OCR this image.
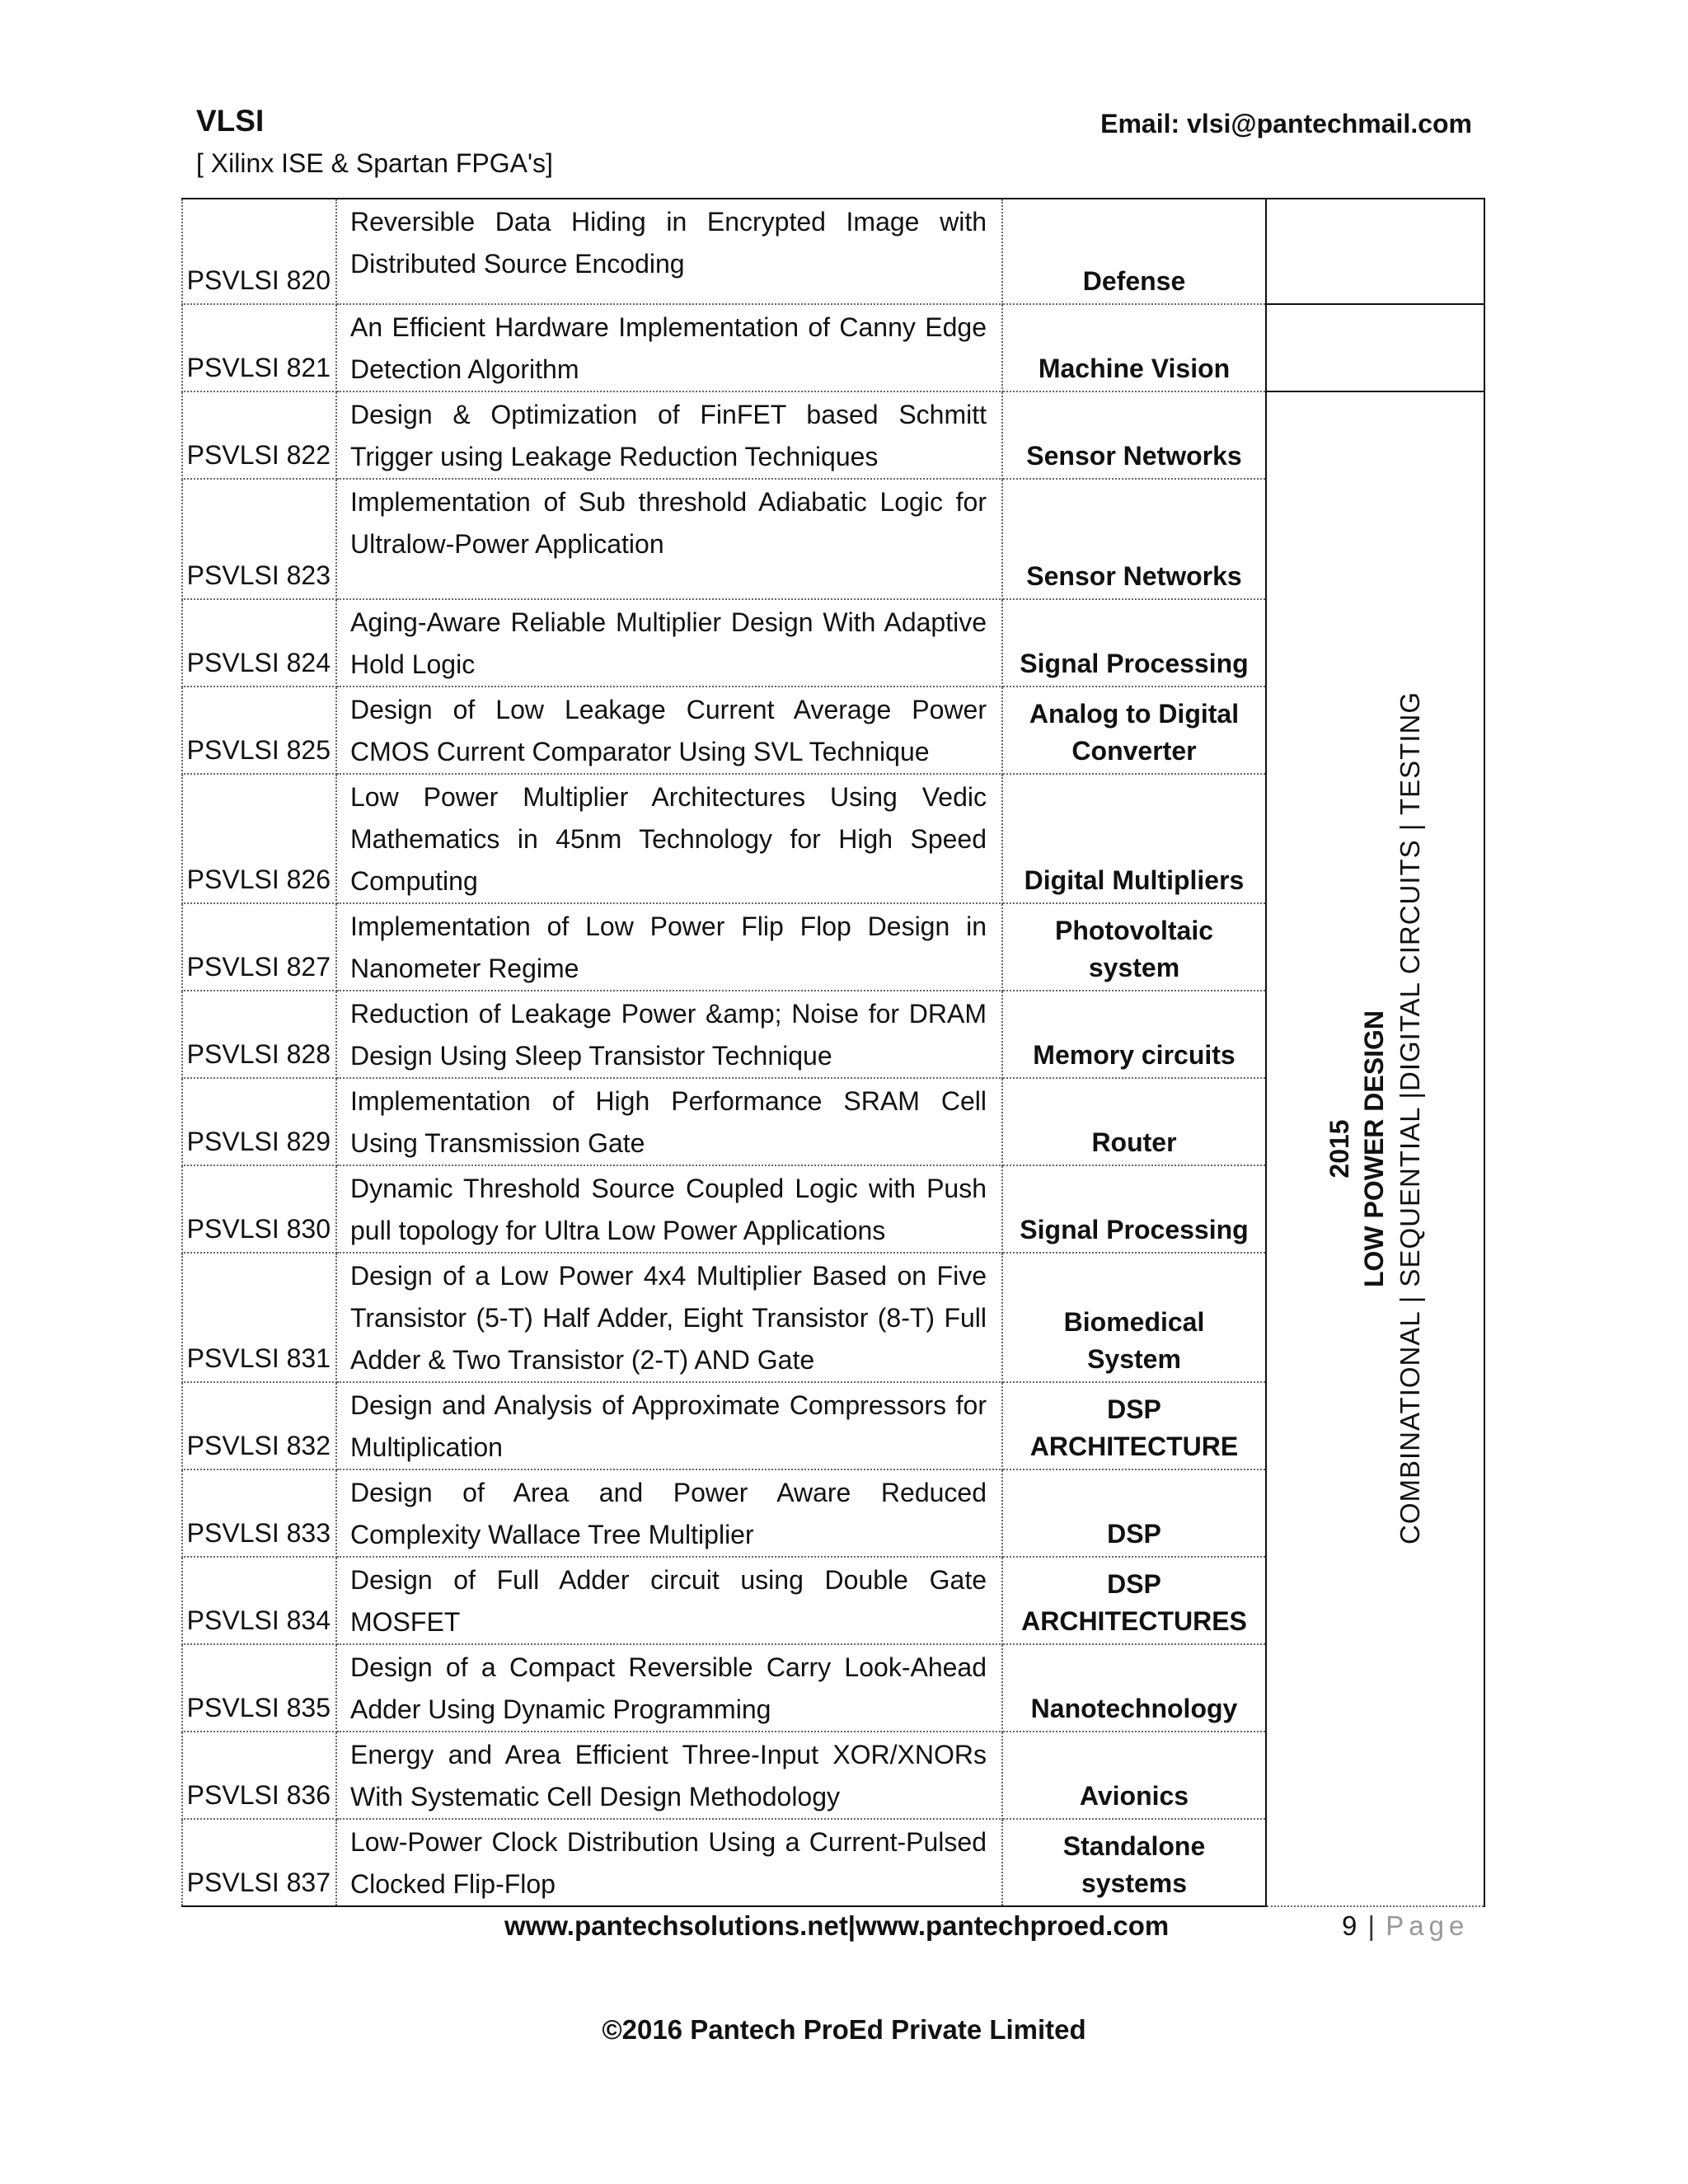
VLSI
[ Xilinx ISE & Spartan FPGA's]
Email: vlsi@pantechmail.com
PSVLSI 820	Reversible Data Hiding in Encrypted Image with Distributed Source Encoding	Defense	
PSVLSI 821	An Efficient Hardware Implementation of Canny Edge Detection Algorithm	Machine Vision	
PSVLSI 822	Design & Optimization of FinFET based Schmitt Trigger using Leakage Reduction Techniques	Sensor Networks	2015 LOW POWER DESIGN COMBINATIONAL | SEQUENTIAL |DIGITAL CIRCUITS | TESTING

PSVLSI 823	Implementation of Sub threshold Adiabatic Logic for Ultralow-Power Application	Sensor Networks	
PSVLSI 824	Aging-Aware Reliable Multiplier Design With Adaptive Hold Logic	Signal Processing	
PSVLSI 825	Design of Low Leakage Current Average Power CMOS Current Comparator Using SVL Technique	Analog to Digital Converter	
PSVLSI 826	Low Power Multiplier Architectures Using Vedic Mathematics in 45nm Technology for High Speed Computing	Digital Multipliers	
PSVLSI 827	Implementation of Low Power Flip Flop Design in Nanometer Regime	Photovoltaic system	
PSVLSI 828	Reduction of Leakage Power &amp; Noise for DRAM Design Using Sleep Transistor Technique	Memory circuits	
PSVLSI 829	Implementation of High Performance SRAM Cell Using Transmission Gate	Router	
PSVLSI 830	Dynamic Threshold Source Coupled Logic with Push pull topology for Ultra Low Power Applications	Signal Processing	
PSVLSI 831	Design of a Low Power 4x4 Multiplier Based on Five Transistor (5-T) Half Adder, Eight Transistor (8-T) Full Adder & Two Transistor (2-T) AND Gate	Biomedical System	
PSVLSI 832	Design and Analysis of Approximate Compressors for Multiplication	DSP ARCHITECTURE	
PSVLSI 833	Design of Area and Power Aware Reduced Complexity Wallace Tree Multiplier	DSP	
PSVLSI 834	Design of Full Adder circuit using Double Gate MOSFET	DSP ARCHITECTURES	
PSVLSI 835	Design of a Compact Reversible Carry Look-Ahead Adder Using Dynamic Programming	Nanotechnology	
PSVLSI 836	Energy and Area Efficient Three-Input XOR/XNORs With Systematic Cell Design Methodology	Avionics	
PSVLSI 837	Low-Power Clock Distribution Using a Current-Pulsed Clocked Flip-Flop	Standalone systems	
www.pantechsolutions.net|www.pantechproed.com	9 | Page
©2016 Pantech ProEd Private Limited
